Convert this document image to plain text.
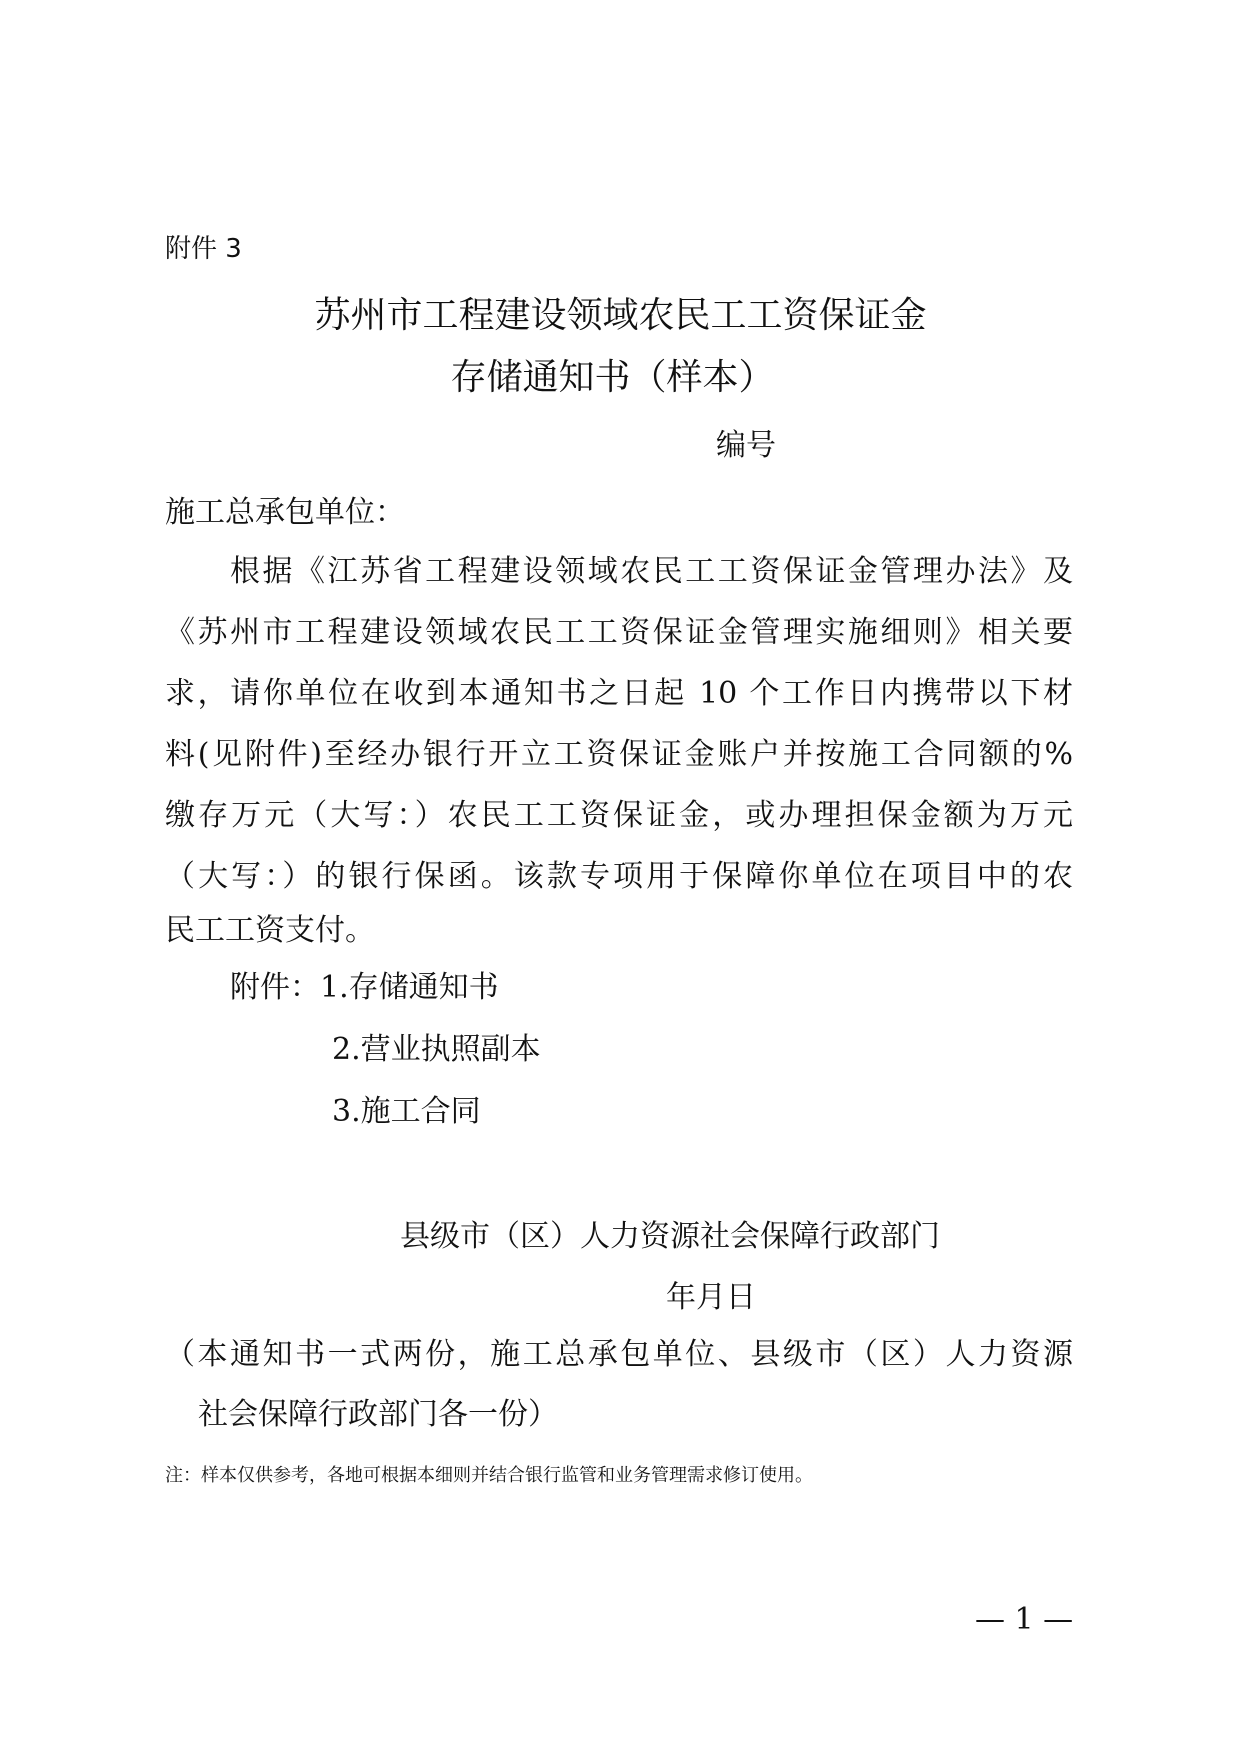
附件 3
苏州市工程建设领域农民工工资保证金
存储通知书（样本）
编号
施工总承包单位：
根据《江苏省工程建设领域农民工工资保证金管理办法》及
《苏州市工程建设领域农民工工资保证金管理实施细则》相关要
求，请你单位在收到本通知书之日起 10 个工作日内携带以下材
料(见附件)至经办银行开立工资保证金账户并按施工合同额的%
缴存万元（大写：）农民工工资保证金，或办理担保金额为万元
（大写：）的银行保函。该款专项用于保障你单位在项目中的农
民工工资支付。
附件：1.存储通知书
2.营业执照副本
3.施工合同
县级市（区）人力资源社会保障行政部门
年月日
（本通知书一式两份，施工总承包单位、县级市（区）人力资源
社会保障行政部门各一份）
注：样本仅供参考，各地可根据本细则并结合银行监管和业务管理需求修订使用。
— 1 —
